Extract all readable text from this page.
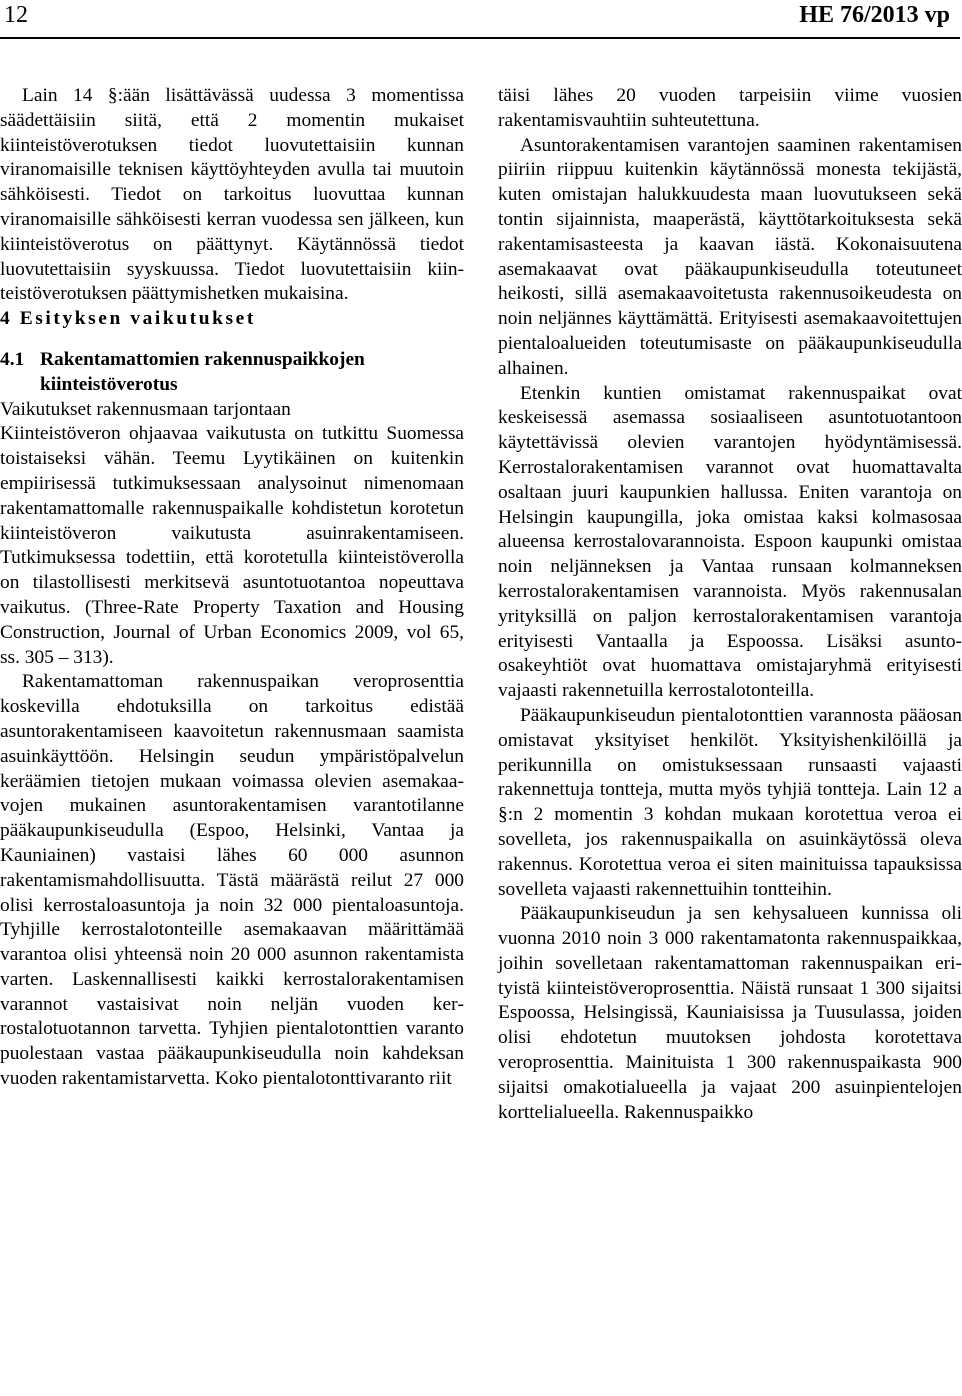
12	HE 76/2013 vp

Lain 14 §:ään lisättävässä uudessa 3 momentissa säädettäisiin siitä, että 2 momentin mukaiset kiinteistöverotuksen tiedot luovutettaisiin kunnan viranomaisille teknisen käyttöyhteyden avulla tai muutoin sähköisesti. Tiedot on tarkoitus luovuttaa kunnan viranomaisille sähköisesti kerran vuodessa sen jälkeen, kun kiinteistöverotus on päättynyt. Käytännössä tiedot luovutettaisiin syyskuussa. Tiedot luovutettaisiin kiinteistöverotuksen päättymishetken mukaisina.

4 Esityksen vaikutukset

4.1 Rakentamattomien rakennuspaikkojen kiinteistöverotus

Vaikutukset rakennusmaan tarjontaan

Kiinteistöveron ohjaavaa vaikutusta on tutkittu Suomessa toistaiseksi vähän. Teemu Lyytikäinen on kuitenkin empiirisessä tutkimuksessaan analysoinut nimenomaan rakentamattomalle rakennuspaikalle kohdistetun korotetun kiinteistöveron vaikutusta asuinrakentamiseen. Tutkimuksessa todettiin, että korotetulla kiinteistöverolla on tilastollisesti merkitsevä asuntotuotantoa nopeuttava vaikutus. (Three-Rate Property Taxation and Housing Construction, Journal of Urban Economics 2009, vol 65, ss. 305 – 313).

Rakentamattoman rakennuspaikan veroprosenttia koskevilla ehdotuksilla on tarkoitus edistää asuntorakentamiseen kaavoitetun rakennusmaan saamista asuinkäyttöön. Helsingin seudun ympäristöpalvelun keräämien tietojen mukaan voimassa olevien asemakaavojen mukainen asuntorakentamisen varantotilanne pääkaupunkiseudulla (Espoo, Helsinki, Vantaa ja Kauniainen) vastaisi lähes 60 000 asunnon rakentamismahdollisuutta. Tästä määrästä reilut 27 000 olisi kerrostaloasuntoja ja noin 32 000 pientaloasuntoja. Tyhjille kerrostalotonteille asemakaavan määrittämää varantoa olisi yhteensä noin 20 000 asunnon rakentamista varten. Laskennallisesti kaikki kerrostalorakentamisen varannot vastaisivat noin neljän vuoden kerrostalotuotannon tarvetta. Tyhjien pientalotonttien varanto puolestaan vastaa pääkaupunkiseudulla noin kahdeksan vuoden rakentamistarvetta. Koko pientalotonttivaranto riit

täisi lähes 20 vuoden tarpeisiin viime vuosien rakentamisvauhtiin suhteutettuna.

Asuntorakentamisen varantojen saaminen rakentamisen piiriin riippuu kuitenkin käytännössä monesta tekijästä, kuten omistajan halukkuudesta maan luovutukseen sekä tontin sijainnista, maaperästä, käyttötarkoituksesta sekä rakentamisasteesta ja kaavan iästä. Kokonaisuutena asemakaavat ovat pääkaupunkiseudulla toteutuneet heikosti, sillä asemakaavoitetusta rakennusoikeudesta on noin neljännes käyttämättä. Erityisesti asemakaavoitettujen pientaloalueiden toteutumisaste on pääkaupunkiseudulla alhainen.

Etenkin kuntien omistamat rakennuspaikat ovat keskeisessä asemassa sosiaaliseen asuntotuotantoon käytettävissä olevien varantojen hyödyntämisessä. Kerrostalorakentamisen varannot ovat huomattavalta osaltaan juuri kaupunkien hallussa. Eniten varantoja on Helsingin kaupungilla, joka omistaa kaksi kolmasosaa alueensa kerrostalovarannoista. Espoon kaupunki omistaa noin neljänneksen ja Vantaa runsaan kolmanneksen kerrostalorakentamisen varannoista. Myös rakennusalan yrityksillä on paljon kerrostalorakentamisen varantoja erityisesti Vantaalla ja Espoossa. Lisäksi asunto-osakeyhtiöt ovat huomattava omistajaryhmä erityisesti vajaasti rakennetuilla kerrostalotonteilla.

Pääkaupunkiseudun pientalotonttien varannosta pääosan omistavat yksityiset henkilöt. Yksityishenkilöillä ja perikunnilla on omistuksessaan runsaasti vajaasti rakennettuja tontteja, mutta myös tyhjiä tontteja. Lain 12 a §:n 2 momentin 3 kohdan mukaan korotettua veroa ei sovelleta, jos rakennuspaikalla on asuinkäytössä oleva rakennus. Korotettua veroa ei siten mainituissa tapauksissa sovelleta vajaasti rakennettuihin tontteihin.

Pääkaupunkiseudun ja sen kehysalueen kunnissa oli vuonna 2010 noin 3 000 rakentamatonta rakennuspaikkaa, joihin sovelletaan rakentamattoman rakennuspaikan erityistä kiinteistöveroprosenttia. Näistä runsaat 1 300 sijaitsi Espoossa, Helsingissä, Kauniaisissa ja Tuusulassa, joiden olisi ehdotetun muutoksen johdosta korotettava veroprosenttia. Mainituista 1 300 rakennuspaikasta 900 sijaitsi omakotialueella ja vajaat 200 asuinpientelojen korttelialueella. Rakennuspaikko
